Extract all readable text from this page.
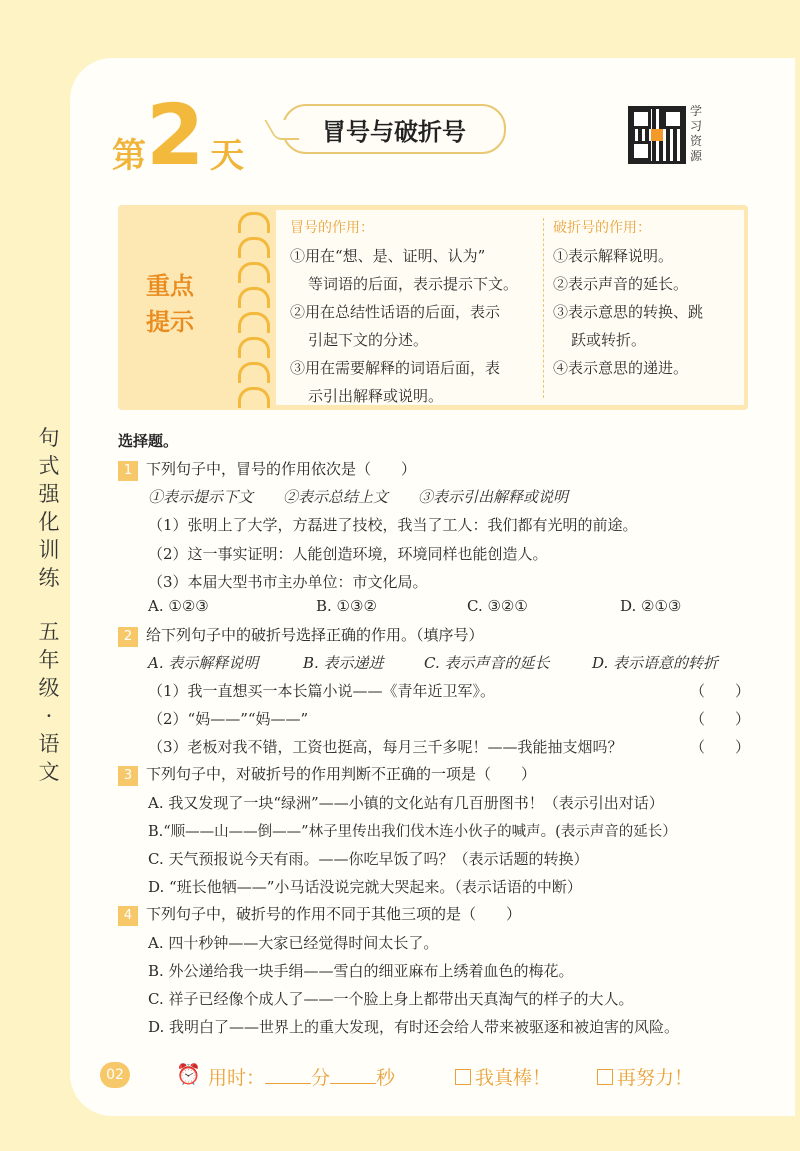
第 2 天
冒号与破折号
学习资源
重点提示
冒号的作用：
①用在“想、是、证明、认为”
等词语的后面，表示提示下文。
②用在总结性话语的后面，表示
引起下文的分述。
③用在需要解释的词语后面，表
示引出解释或说明。
破折号的作用：
①表示解释说明。
②表示声音的延长。
③表示意思的转换、跳
跃或转折。
④表示意思的递进。
句
式
强
化
训
练
五
年
级
·
语
文
选择题。
1 下列句子中，冒号的作用依次是（　　）
①表示提示下文　　②表示总结上文　　③表示引出解释或说明
（1）张明上了大学，方磊进了技校，我当了工人：我们都有光明的前途。
（2）这一事实证明：人能创造环境，环境同样也能创造人。
（3）本届大型书市主办单位：市文化局。
A. ①②③	B. ①③②	C. ③②①	D. ②①③
2 给下列句子中的破折号选择正确的作用。（填序号）
A. 表示解释说明	B. 表示递进	C. 表示声音的延长	D. 表示语意的转折
（1）我一直想买一本长篇小说——《青年近卫军》。	（　　）
（2）“妈——”“妈——”	（　　）
（3）老板对我不错，工资也挺高，每月三千多呢！——我能抽支烟吗？	（　　）
3 下列句子中，对破折号的作用判断不正确的一项是（　　）
A. 我又发现了一块“绿洲”——小镇的文化站有几百册图书！（表示引出对话）
B.“顺——山——倒——”林子里传出我们伐木连小伙子的喊声。(表示声音的延长）
C. 天气预报说今天有雨。——你吃早饭了吗？（表示话题的转换）
D. “班长他牺——”小马话没说完就大哭起来。（表示话语的中断）
4 下列句子中，破折号的作用不同于其他三项的是（　　）
A. 四十秒钟——大家已经觉得时间太长了。
B. 外公递给我一块手绢——雪白的细亚麻布上绣着血色的梅花。
C. 祥子已经像个成人了——一个脸上身上都带出天真淘气的样子的大人。
D. 我明白了——世界上的重大发现，有时还会给人带来被驱逐和被迫害的风险。
02	⏰ 用时： 分 秒	我真棒！	再努力！
